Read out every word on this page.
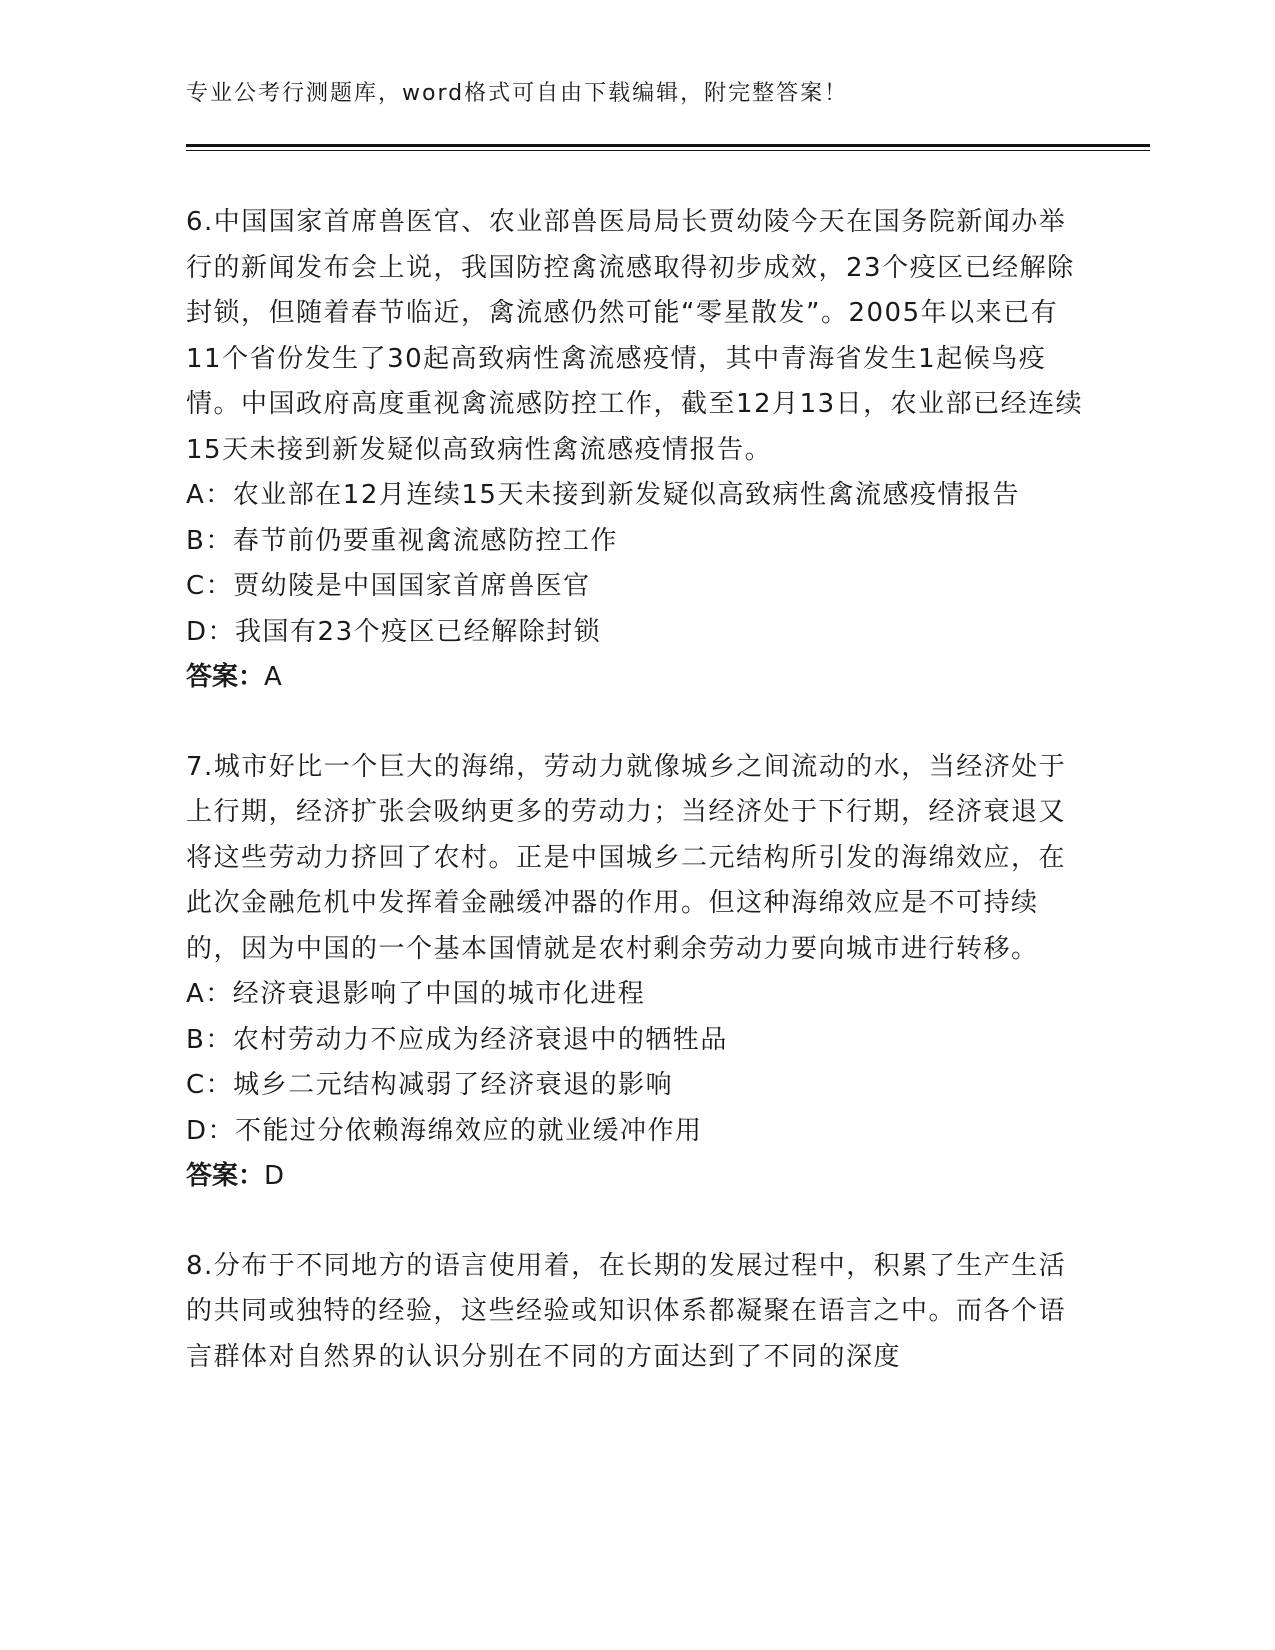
专业公考行测题库，word格式可自由下载编辑，附完整答案！

6.中国国家首席兽医官、农业部兽医局局长贾幼陵今天在国务院新闻办举行的新闻发布会上说，我国防控禽流感取得初步成效，23个疫区已经解除封锁，但随着春节临近，禽流感仍然可能“零星散发”。2005年以来已有11个省份发生了30起高致病性禽流感疫情，其中青海省发生1起候鸟疫情。中国政府高度重视禽流感防控工作，截至12月13日，农业部已经连续15天未接到新发疑似高致病性禽流感疫情报告。

A：农业部在12月连续15天未接到新发疑似高致病性禽流感疫情报告

B：春节前仍要重视禽流感防控工作

C：贾幼陵是中国国家首席兽医官

D：我国有23个疫区已经解除封锁

答案：A

7.城市好比一个巨大的海绵，劳动力就像城乡之间流动的水，当经济处于上行期，经济扩张会吸纳更多的劳动力；当经济处于下行期，经济衰退又将这些劳动力挤回了农村。正是中国城乡二元结构所引发的海绵效应，在此次金融危机中发挥着金融缓冲器的作用。但这种海绵效应是不可持续的，因为中国的一个基本国情就是农村剩余劳动力要向城市进行转移。

A：经济衰退影响了中国的城市化进程

B：农村劳动力不应成为经济衰退中的牺牲品

C：城乡二元结构减弱了经济衰退的影响

D：不能过分依赖海绵效应的就业缓冲作用

答案：D

8.分布于不同地方的语言使用着，在长期的发展过程中，积累了生产生活的共同或独特的经验，这些经验或知识体系都凝聚在语言之中。而各个语言群体对自然界的认识分别在不同的方面达到了不同的深度
